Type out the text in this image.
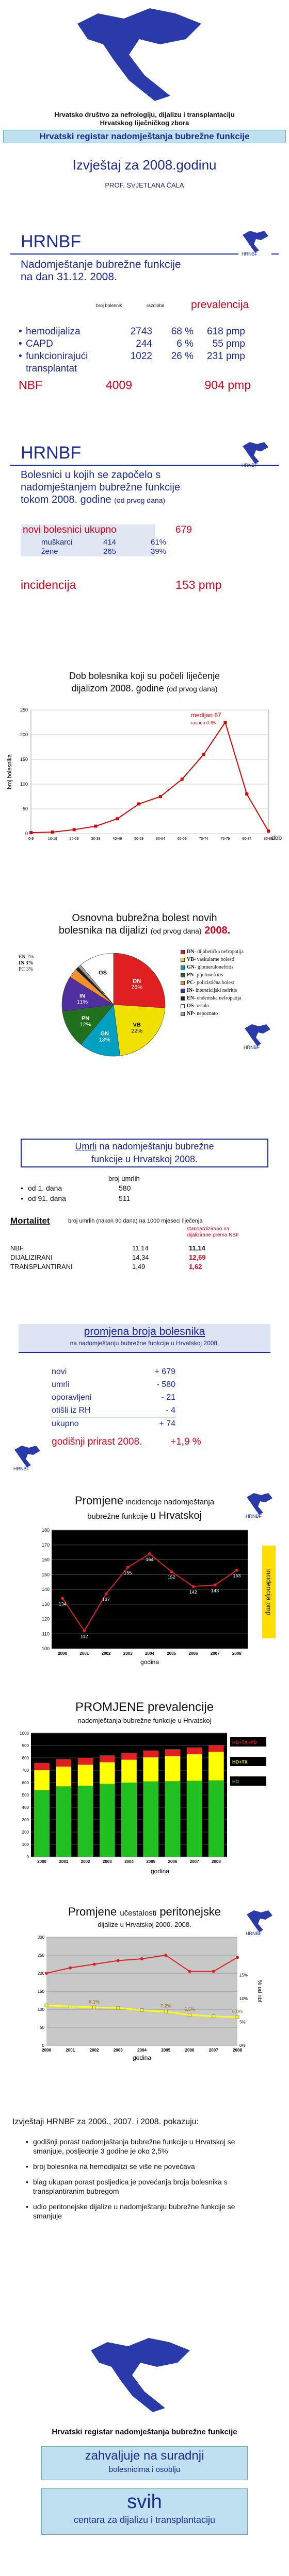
Hrvatsko društvo za nefrologiju, dijalizu i transplantaciju
Hrvatskog liječničkog zbora
Hrvatski registar nadomještanja bubrežne funkcije
Izvještaj za 2008.godinu
PROF. SVJETLANA ČALA
HRNBF
HRNBF
Nadomještanje bubrežne funkcije
na dan 31.12. 2008.
broj bolesnik	razdioba prevalencija
• hemodijaliza	2743	68 %	618 pmp
• CAPD	244	6 %	55 pmp
• funkcionirajući	1022	26 %	231 pmp
transplantat
NBF	4009	904 pmp
HRNBF
HRNBF
Bolesnici u kojih se započelo s
nadomještanjem bubrežne funkcije
tokom 2008. godine (od prvog dana)
novi bolesnici ukupno	679
muškarci	414	61%
žene	265	39%
incidencija	153 pmp
Dob bolesnika koji su počeli liječenje
dijalizom 2008. godine (od prvog dana)
0
50
100
150
200
250
0-9	10-19	20-29	30-39	40-49	50-59	60-64	65-69	70-74	75-79	80-84	85-89
broj bolesnika
dob
medijan 67
raspon 0-85
Osnovna bubrežna bolest novih
bolesnika na dijalizi (od prvog dana) 2008.
EN 1%
IN 3%
PC 3%
DN
26%
VB
22%
GN
13%
PN
12%
IN
11%
OS
DN - dijabetička nefropatija
VB - vaskularne bolesti
GN - glomerulonefritis
PN - pijelonefritis
PC - policistična bolest
IN - intersticijski nefritis
EN - endemska nefropatija
OS - ostalo
NP - nepoznato
HRNBF
Umrli na nadomještanju bubrežne
funkcije u Hrvatskoj 2008.
broj umrlih
• od 1. dana	580
• od 91. dana	511
Mortalitet	broj umrlih (nakon 90 dana) na 1000 mjeseci liječenja
standardizirano na
dijalizirane prema NBF
NBF	11,14	11,14
DIJALIZIRANI	14,34	12,69
TRANSPLANTIRANI	1,49	1,62
promjena broja bolesnika
na nadomještanju bubrežne funkcije u Hrvatskoj 2008.
novi	+ 679
umrli	- 580
oporavljeni	- 21
otišli iz RH	- 4
ukupno	+ 74
HRNBF
godišnji prirast 2008.	+1,9 %
Promjene incidencije nadomještanja
bubrežne funkcije u Hrvatskoj	HRNBF
180
170
160
150
140
130
120
110
100
134
2000
112
2001
137
2002
155
2003
164
2004
152
2005
142
2006
143
2007
153
2008
godina
incidencija pmp
PROMJENE prevalencije
nadomještanja bubrežne funkcije u Hrvatskoj
1000
900
800
700
600
500
400
300
200
100
0
2000	2001	2002	2003	2004	2005	2006	2007	2008
godina
HD+TX+PD
HD+TX
HD
Promjene učestalosti peritonejske
dijalize u Hrvatskoj 2000.-2008.
HRNBF
300
250
200
150
100
50
0
15%
10%
5%
0%
8,1%
7,2%
6,5%	6,0%
2000	2001	2002	2003	2004	2005	2006	2007	2008
godina
% od nbf
Izvještaji HRNBF za 2006., 2007. i 2008. pokazuju:
• godišnji porast nadomještanja bubrežne funkcije u Hrvatskoj se smanjuje, posljednje 3 godine je oko 2,5%
• broj bolesnika na hemodijalizi se više ne povećava
• blag ukupan porast posljedica je povećanja broja bolesnika s transplantiranim bubregom
• udio peritonejske dijalize u nadomještanju bubrežne funkcije se smanjuje
Hrvatski registar nadomještanja bubrežne funkcije
zahvaljuje na suradnji
bolesnicima i osoblju
svih
centara za dijalizu i transplantaciju
